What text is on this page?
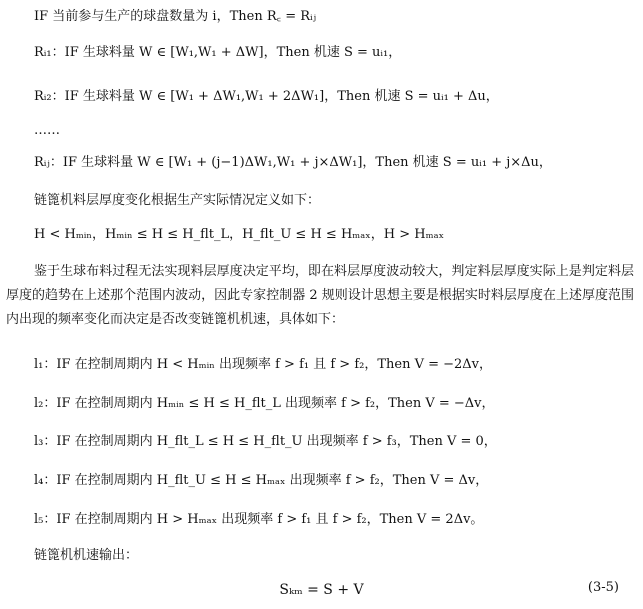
IF 当前参与生产的球盘数量为 i，Then R꜀ = Rᵢⱼ
Rᵢ₁：IF 生球料量 W ∈ [W₁,W₁ + ΔW]，Then 机速 S = uᵢ₁，
Rᵢ₂：IF 生球料量 W ∈ [W₁ + ΔW₁,W₁ + 2ΔW₁]，Then 机速 S = uᵢ₁ + Δu，
……
Rᵢⱼ：IF 生球料量 W ∈ [W₁ + (j−1)ΔW₁,W₁ + j×ΔW₁]，Then 机速 S = uᵢ₁ + j×Δu，
链篦机料层厚度变化根据生产实际情况定义如下：
H < Hₘᵢₙ，Hₘᵢₙ ≤ H ≤ H_flt_L，H_flt_U ≤ H ≤ Hₘₐₓ，H > Hₘₐₓ
鉴于生球布料过程无法实现料层厚度决定平均，即在料层厚度波动较大，判定料层厚度实际上是判定料层厚度的趋势在上述那个范围内波动，因此专家控制器 2 规则设计思想主要是根据实时料层厚度在上述厚度范围内出现的频率变化而决定是否改变链篦机机速，具体如下：
l₁：IF 在控制周期内 H < Hₘᵢₙ 出现频率 f > f₁ 且 f > f₂，Then V = −2Δv，
l₂：IF 在控制周期内 Hₘᵢₙ ≤ H ≤ H_flt_L 出现频率 f > f₂，Then V = −Δv，
l₃：IF 在控制周期内 H_flt_L ≤ H ≤ H_flt_U 出现频率 f > f₃，Then V = 0，
l₄：IF 在控制周期内 H_flt_U ≤ H ≤ Hₘₐₓ 出现频率 f > f₂，Then V = Δv，
l₅：IF 在控制周期内 H > Hₘₐₓ 出现频率 f > f₁ 且 f > f₂，Then V = 2Δv。
链篦机机速输出：
Sₖₘ = S + V	(3-5)
